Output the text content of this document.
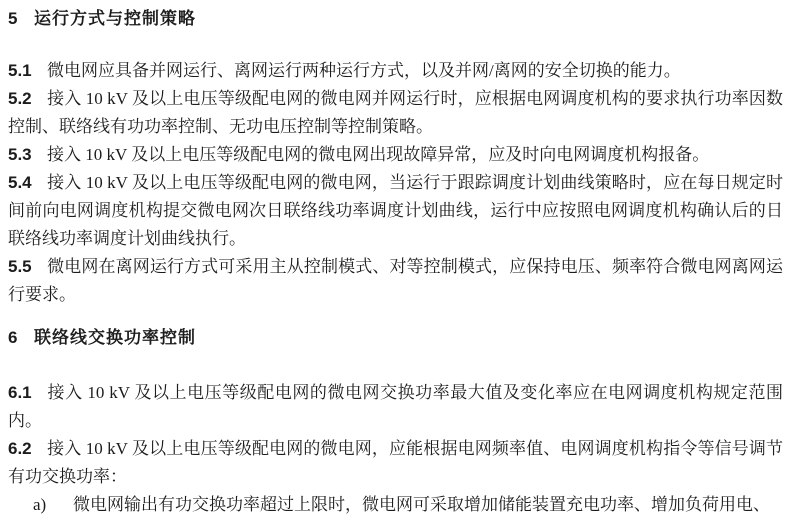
5 运行方式与控制策略

5.1 微电网应具备并网运行、离网运行两种运行方式，以及并网/离网的安全切换的能力。

5.2 接入 10 kV 及以上电压等级配电网的微电网并网运行时，应根据电网调度机构的要求执行功率因数控制、联络线有功功率控制、无功电压控制等控制策略。

5.3 接入 10 kV 及以上电压等级配电网的微电网出现故障异常，应及时向电网调度机构报备。

5.4 接入 10 kV 及以上电压等级配电网的微电网，当运行于跟踪调度计划曲线策略时，应在每日规定时间前向电网调度机构提交微电网次日联络线功率调度计划曲线，运行中应按照电网调度机构确认后的日联络线功率调度计划曲线执行。

5.5 微电网在离网运行方式可采用主从控制模式、对等控制模式，应保持电压、频率符合微电网离网运行要求。

6 联络线交换功率控制

6.1 接入 10 kV 及以上电压等级配电网的微电网交换功率最大值及变化率应在电网调度机构规定范围内。

6.2 接入 10 kV 及以上电压等级配电网的微电网，应能根据电网频率值、电网调度机构指令等信号调节有功交换功率：

a) 微电网输出有功交换功率超过上限时，微电网可采取增加储能装置充电功率、增加负荷用电、
